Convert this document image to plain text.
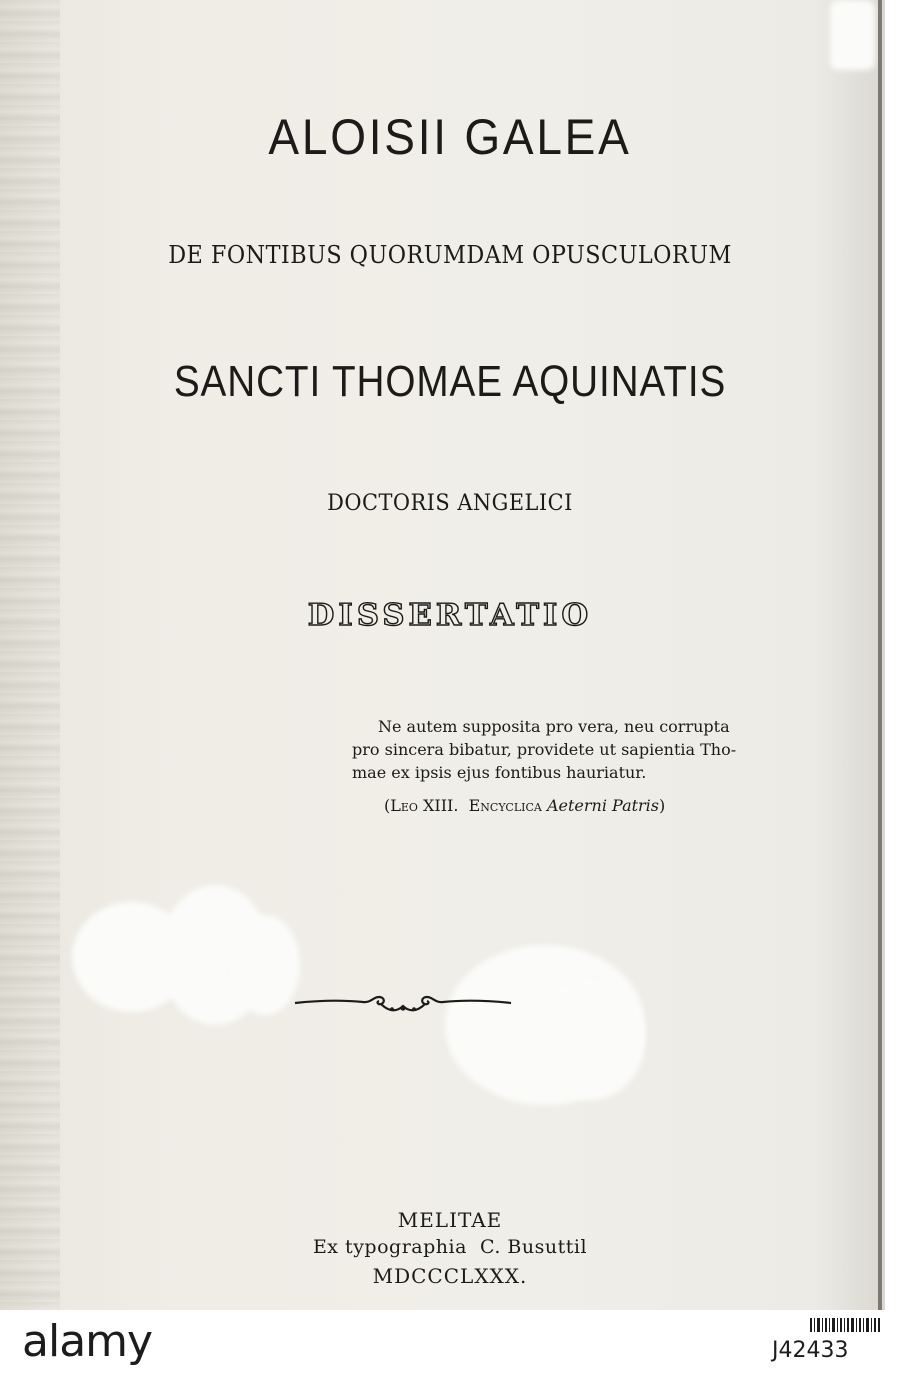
ALOISII GALEA
DE FONTIBUS QUORUMDAM OPUSCULORUM
SANCTI THOMAE AQUINATIS
DOCTORIS ANGELICI
DISSERTATIO
Ne autem supposita pro vera, neu corrupta
pro sincera bibatur, providete ut sapientia Tho-
mae ex ipsis ejus fontibus hauriatur.
(Leo XIII. Encyclica Aeterni Patris)
MELITAE
Ex typographia  C. Busuttil
MDCCCLXXX.
alamy	J42433
